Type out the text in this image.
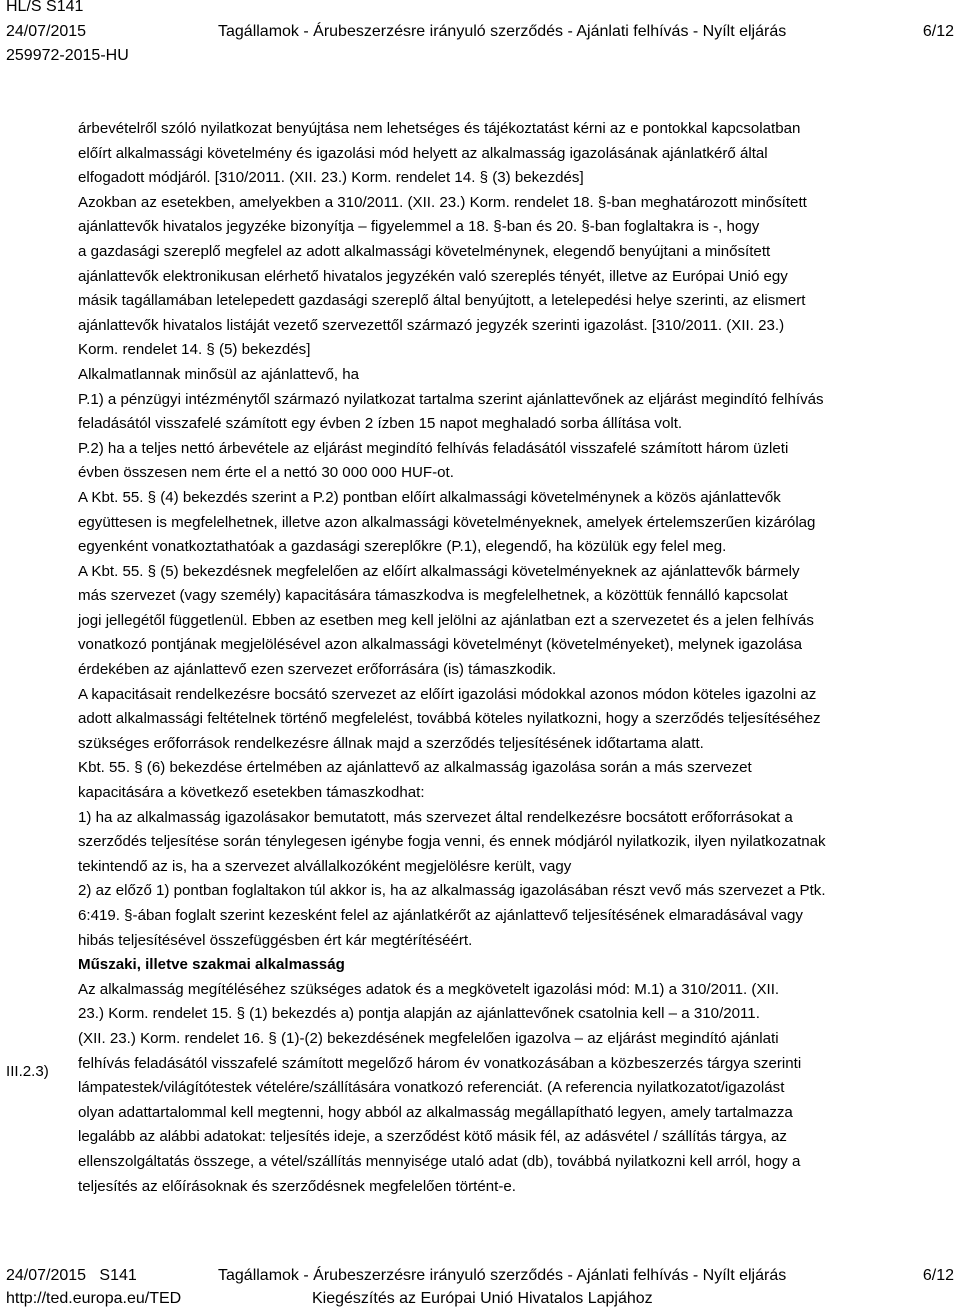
HL/S S141
24/07/2015
259972-2015-HU
Tagállamok - Árubeszerzésre irányuló szerződés - Ajánlati felhívás - Nyílt eljárás	6/12
III.2.3)

árbevételről szóló nyilatkozat benyújtása nem lehetséges és tájékoztatást kérni az e pontokkal kapcsolatban

előírt alkalmassági követelmény és igazolási mód helyett az alkalmasság igazolásának ajánlatkérő által

elfogadott módjáról. [310/2011. (XII. 23.) Korm. rendelet 14. § (3) bekezdés]

Azokban az esetekben, amelyekben a 310/2011. (XII. 23.) Korm. rendelet 18. §-ban meghatározott minősített

ajánlattevők hivatalos jegyzéke bizonyítja – figyelemmel a 18. §-ban és 20. §-ban foglaltakra is -, hogy

a gazdasági szereplő megfelel az adott alkalmassági követelménynek, elegendő benyújtani a minősített

ajánlattevők elektronikusan elérhető hivatalos jegyzékén való szereplés tényét, illetve az Európai Unió egy

másik tagállamában letelepedett gazdasági szereplő által benyújtott, a letelepedési helye szerinti, az elismert

ajánlattevők hivatalos listáját vezető szervezettől származó jegyzék szerinti igazolást. [310/2011. (XII. 23.)

Korm. rendelet 14. § (5) bekezdés]

Alkalmatlannak minősül az ajánlattevő, ha

P.1) a pénzügyi intézménytől származó nyilatkozat tartalma szerint ajánlattevőnek az eljárást megindító felhívás

feladásától visszafelé számított egy évben 2 ízben 15 napot meghaladó sorba állítása volt.

P.2) ha a teljes nettó árbevétele az eljárást megindító felhívás feladásától visszafelé számított három üzleti

évben összesen nem érte el a nettó 30 000 000 HUF-ot.

A Kbt. 55. § (4) bekezdés szerint a P.2) pontban előírt alkalmassági követelménynek a közös ajánlattevők

együttesen is megfelelhetnek, illetve azon alkalmassági követelményeknek, amelyek értelemszerűen kizárólag

egyenként vonatkoztathatóak a gazdasági szereplőkre (P.1), elegendő, ha közülük egy felel meg.

A Kbt. 55. § (5) bekezdésnek megfelelően az előírt alkalmassági követelményeknek az ajánlattevők bármely

más szervezet (vagy személy) kapacitására támaszkodva is megfelelhetnek, a közöttük fennálló kapcsolat

jogi jellegétől függetlenül. Ebben az esetben meg kell jelölni az ajánlatban ezt a szervezetet és a jelen felhívás

vonatkozó pontjának megjelölésével azon alkalmassági követelményt (követelményeket), melynek igazolása

érdekében az ajánlattevő ezen szervezet erőforrására (is) támaszkodik.

A kapacitásait rendelkezésre bocsátó szervezet az előírt igazolási módokkal azonos módon köteles igazolni az

adott alkalmassági feltételnek történő megfelelést, továbbá köteles nyilatkozni, hogy a szerződés teljesítéséhez

szükséges erőforrások rendelkezésre állnak majd a szerződés teljesítésének időtartama alatt.

Kbt. 55. § (6) bekezdése értelmében az ajánlattevő az alkalmasság igazolása során a más szervezet

kapacitására a következő esetekben támaszkodhat:

1) ha az alkalmasság igazolásakor bemutatott, más szervezet által rendelkezésre bocsátott erőforrásokat a

szerződés teljesítése során ténylegesen igénybe fogja venni, és ennek módjáról nyilatkozik, ilyen nyilatkozatnak

tekintendő az is, ha a szervezet alvállalkozóként megjelölésre került, vagy

2) az előző 1) pontban foglaltakon túl akkor is, ha az alkalmasság igazolásában részt vevő más szervezet a Ptk.

6:419. §-ában foglalt szerint kezesként felel az ajánlatkérőt az ajánlattevő teljesítésének elmaradásával vagy

hibás teljesítésével összefüggésben ért kár megtérítéséért.

Műszaki, illetve szakmai alkalmasság

Az alkalmasság megítéléséhez szükséges adatok és a megkövetelt igazolási mód: M.1) a 310/2011. (XII.

23.) Korm. rendelet 15. § (1) bekezdés a) pontja alapján az ajánlattevőnek csatolnia kell – a 310/2011.

(XII. 23.) Korm. rendelet 16. § (1)-(2) bekezdésének megfelelően igazolva – az eljárást megindító ajánlati

felhívás feladásától visszafelé számított megelőző három év vonatkozásában a közbeszerzés tárgya szerinti

lámpatestek/világítótestek vételére/szállítására vonatkozó referenciát. (A referencia nyilatkozatot/igazolást

olyan adattartalommal kell megtenni, hogy abból az alkalmasság megállapítható legyen, amely tartalmazza

legalább az alábbi adatokat: teljesítés ideje, a szerződést kötő másik fél, az adásvétel / szállítás tárgya, az

ellenszolgáltatás összege, a vétel/szállítás mennyisége utaló adat (db), továbbá nyilatkozni kell arról, hogy a

teljesítés az előírásoknak és szerződésnek megfelelően történt-e.

24/07/2015 S141
http://ted.europa.eu/TED
Tagállamok - Árubeszerzésre irányuló szerződés - Ajánlati felhívás - Nyílt eljárás
Kiegészítés az Európai Unió Hivatalos Lapjához
6/12
